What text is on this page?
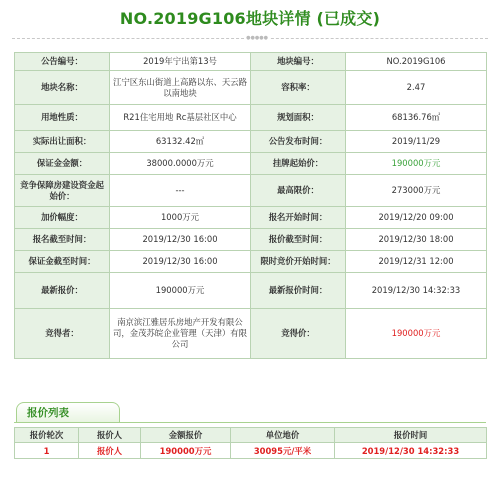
NO.2019G106地块详情 (已成交)
●●●●●
公告编号：	2019年宁出第13号	地块编号：	NO.2019G106
地块名称：	江宁区东山街道上高路以东、天云路以南地块	容积率：	2.47
用地性质：	R21住宅用地 Rc基层社区中心	规划面积：	68136.76㎡
实际出让面积：	63132.42㎡	公告发布时间：	2019/11/29
保证金金额：	38000.0000万元	挂牌起始价：	190000万元
竞争保障房建设资金起始价：	---	最高限价：	273000万元
加价幅度：	1000万元	报名开始时间：	2019/12/20 09:00
报名截至时间：	2019/12/30 16:00	报价截至时间：	2019/12/30 18:00
保证金截至时间：	2019/12/30 16:00	限时竞价开始时间：	2019/12/31 12:00
最新报价：	190000万元	最新报价时间：	2019/12/30 14:32:33
竞得者：	南京滨江雅居乐房地产开发有限公司，金茂苏皖企业管理（天津）有限公司	竞得价：	190000万元
报价列表
报价轮次	报价人	金额报价	单位地价	报价时间
1	报价人	190000万元	30095元/平米	2019/12/30 14:32:33
